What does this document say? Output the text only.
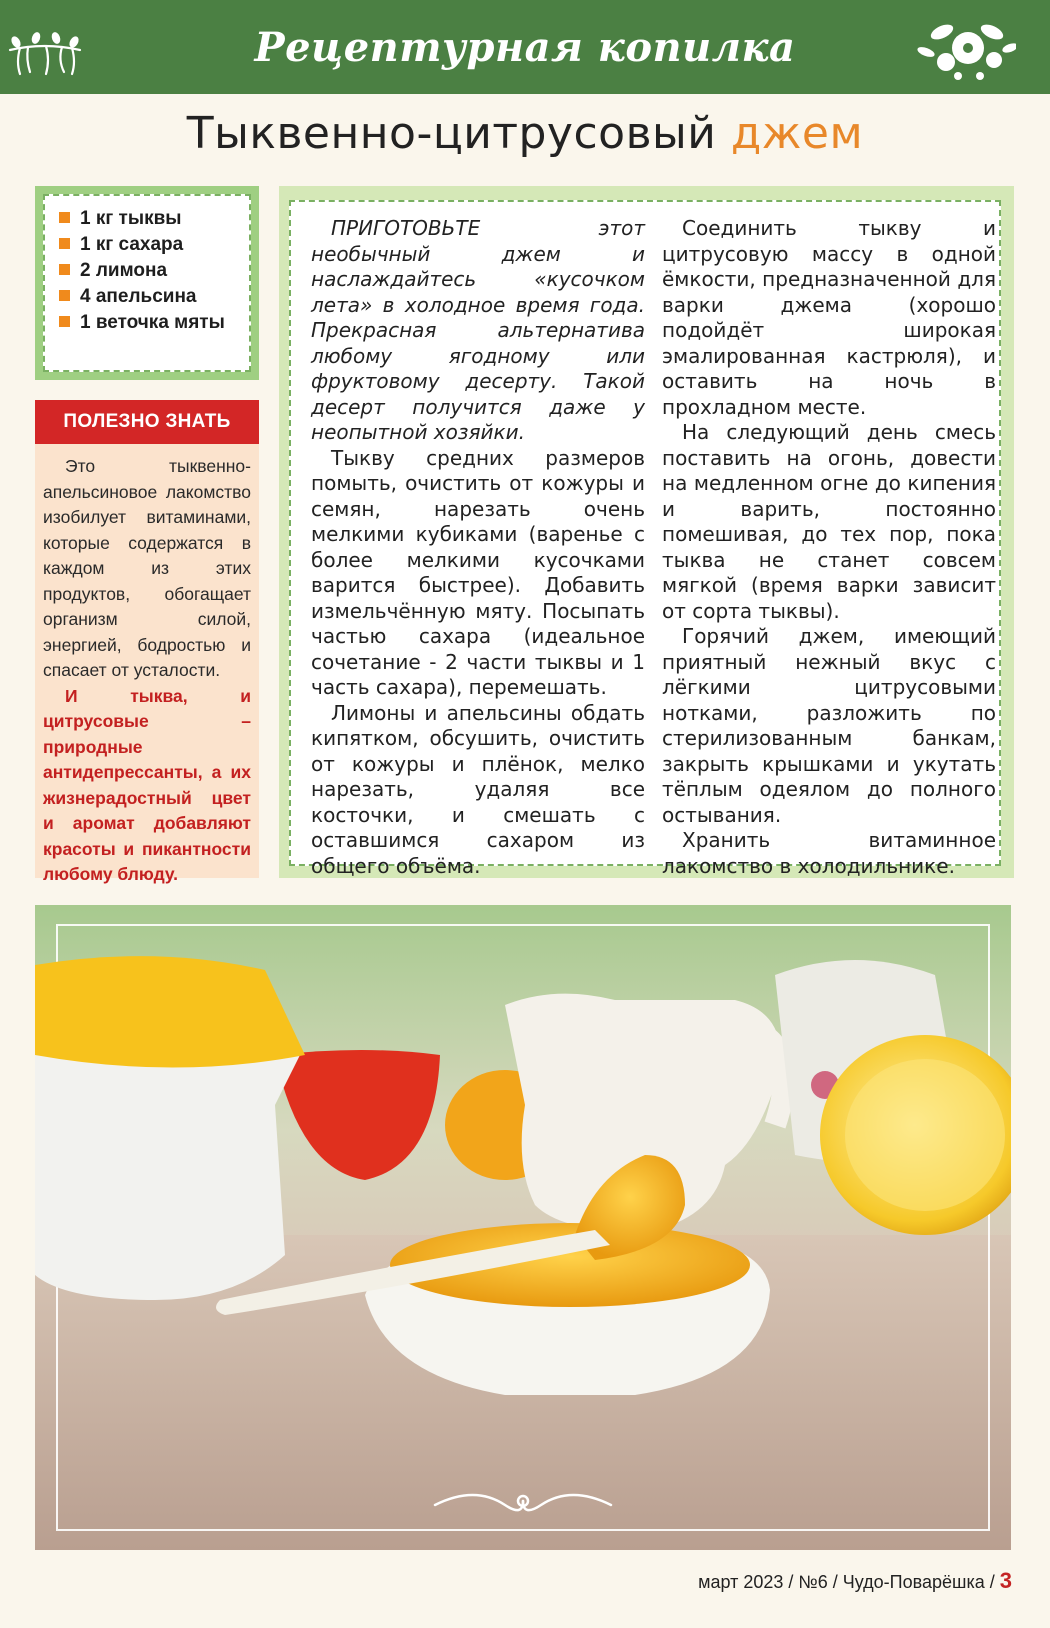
Рецептурная копилка
Тыквенно-цитрусовый джем
1 кг тыквы
1 кг сахара
2 лимона
4 апельсина
1 веточка мяты
ПОЛЕЗНО ЗНАТЬ

Это тыквенно-апельсиновое лакомство изобилует витаминами, которые содержатся в каждом из этих продуктов, обогащает организм силой, энергией, бодростью и спасает от усталости.

И тыква, и цитрусовые – природные антидепрессанты, а их жизнерадостный цвет и аромат добавляют красоты и пикантности любому блюду.

ПРИГОТОВЬТЕ этот необычный джем и наслаждайтесь «кусочком лета» в холодное время года. Прекрасная альтернатива любому ягодному или фруктовому десерту. Такой десерт получится даже у неопытной хозяйки.

Тыкву средних размеров помыть, очистить от кожуры и семян, нарезать очень мелкими кубиками (варенье с более мелкими кусочками варится быстрее). Добавить измельчённую мяту. Посыпать частью сахара (идеальное сочетание - 2 части тыквы и 1 часть сахара), перемешать.

Лимоны и апельсины обдать кипятком, обсушить, очистить от кожуры и плёнок, мелко нарезать, удаляя все косточки, и смешать с оставшимся сахаром из общего объёма.

Соединить тыкву и цитрусовую массу в одной ёмкости, предназначенной для варки джема (хорошо подойдёт широкая эмалированная кастрюля), и оставить на ночь в прохладном месте.

На следующий день смесь поставить на огонь, довести на медленном огне до кипения и варить, постоянно помешивая, до тех пор, пока тыква не станет совсем мягкой (время варки зависит от сорта тыквы).

Горячий джем, имеющий приятный нежный вкус с лёгкими цитрусовыми нотками, разложить по стерилизованным банкам, закрыть крышками и укутать тёплым одеялом до полного остывания.

Хранить витаминное лакомство в холодильнике.

март 2023 / №6 / Чудо-Поварёшка / 3
